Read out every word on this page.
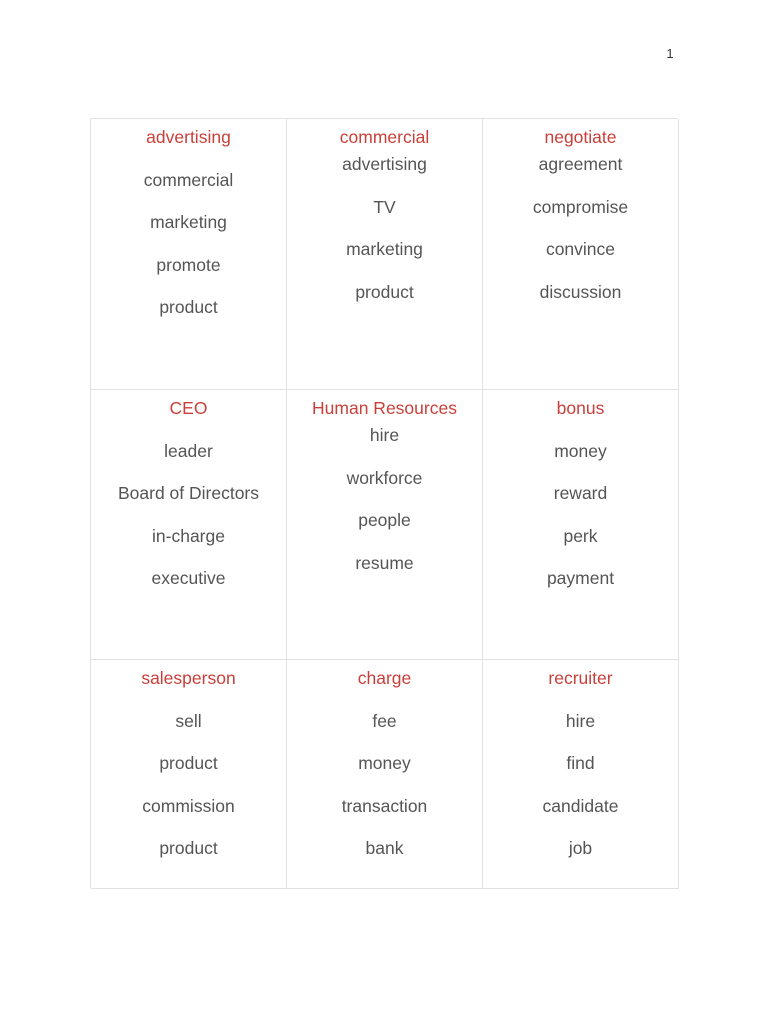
1

advertising

commercial
marketing
promote
product

commercial

advertising
TV
marketing
product

negotiate

agreement
compromise
convince
discussion

CEO

leader
Board of Directors
in-charge
executive

Human Resources

hire
workforce
people
resume

bonus

money
reward
perk
payment

salesperson

sell
product
commission
product

charge

fee
money
transaction
bank

recruiter

hire
find
candidate
job
